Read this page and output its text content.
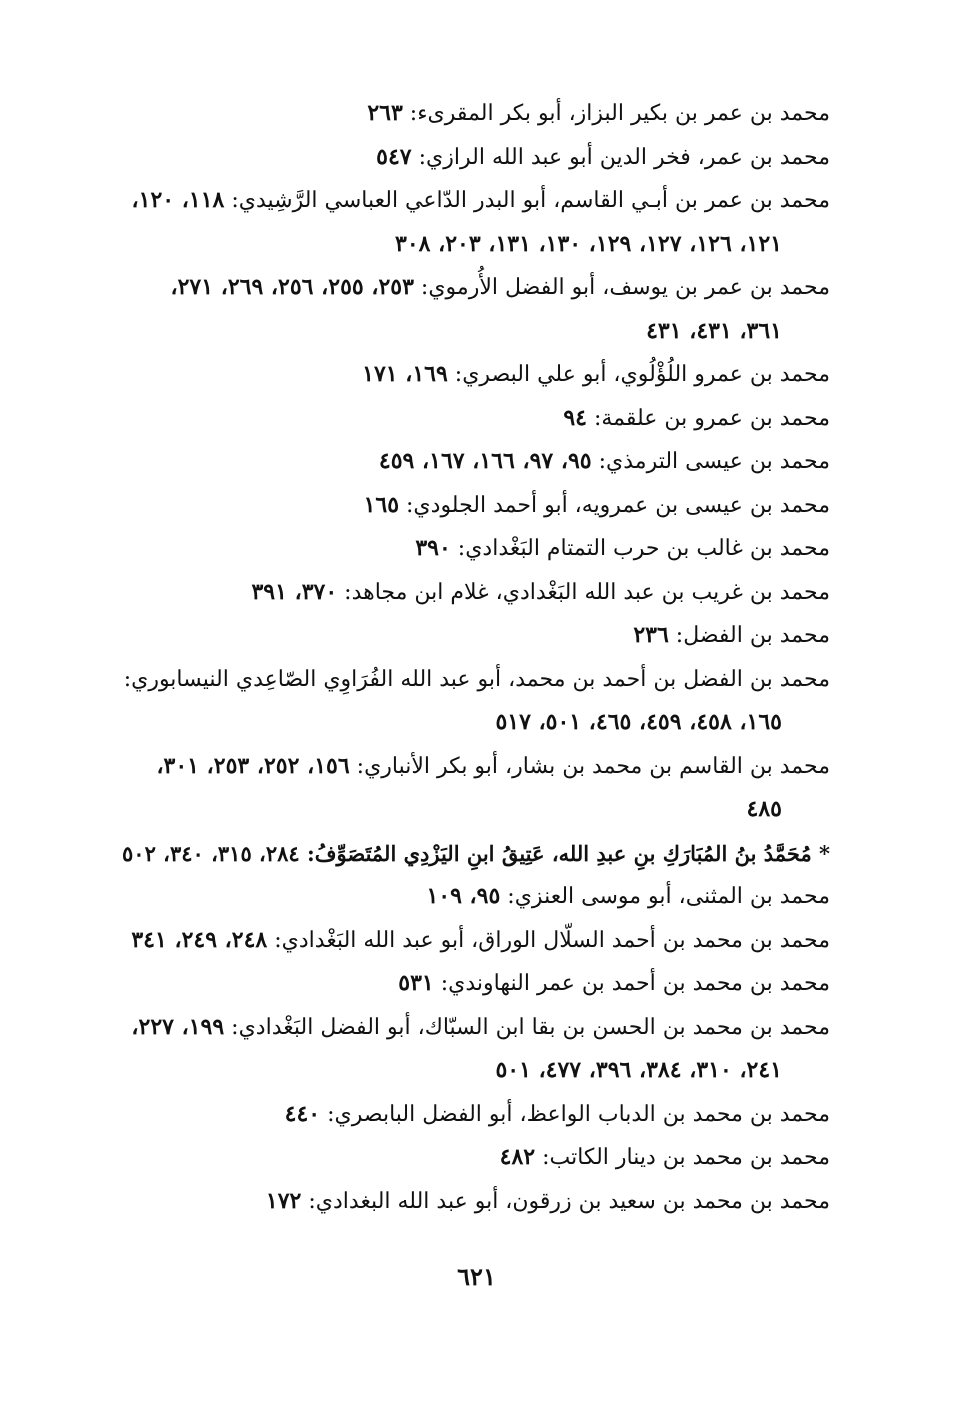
محمد بن عمر بن بكير البزاز، أبو بكر المقرىء: ٢٦٣
محمد بن عمر، فخر الدين أبو عبد الله الرازي: ٥٤٧
محمد بن عمر بن أبـي القاسم، أبو البدر الدّاعي العباسي الرَّشِيدي: ١١٨، ١٢٠،
١٢١، ١٢٦، ١٢٧، ١٢٩، ١٣٠، ١٣١، ٢٠٣، ٣٠٨
محمد بن عمر بن يوسف، أبو الفضل الأُرموي: ٢٥٣، ٢٥٥، ٢٥٦، ٢٦٩، ٢٧١،
٣٦١، ٤٣١، ٤٣١
محمد بن عمرو اللُؤْلُوي، أبو علي البصري: ١٦٩، ١٧١
محمد بن عمرو بن علقمة: ٩٤
محمد بن عيسى الترمذي: ٩٥، ٩٧، ١٦٦، ١٦٧، ٤٥٩
محمد بن عيسى بن عمرويه، أبو أحمد الجلودي: ١٦٥
محمد بن غالب بن حرب التمتام البَغْدادي: ٣٩٠
محمد بن غريب بن عبد الله البَغْدادي، غلام ابن مجاهد: ٣٧٠، ٣٩١
محمد بن الفضل: ٢٣٦
محمد بن الفضل بن أحمد بن محمد، أبو عبد الله الفُرَاوِي الصّاعِدي النيسابوري:
١٦٥، ٤٥٨، ٤٥٩، ٤٦٥، ٥٠١، ٥١٧
محمد بن القاسم بن محمد بن بشار، أبو بكر الأنباري: ١٥٦، ٢٥٢، ٢٥٣، ٣٠١،
٤٨٥
* مُحَمَّدُ بنُ المُبَارَكِ بنِ عبدِ الله، عَتِيقُ ابنِ اليَزْدِي المُتَصَوِّفُ: ٢٨٤، ٣١٥، ٣٤٠، ٥٠٢
محمد بن المثنى، أبو موسى العنزي: ٩٥، ١٠٩
محمد بن محمد بن أحمد السلّال الوراق، أبو عبد الله البَغْدادي: ٢٤٨، ٢٤٩، ٣٤١
محمد بن محمد بن أحمد بن عمر النهاوندي: ٥٣١
محمد بن محمد بن الحسن بن بقا ابن السبّاك، أبو الفضل البَغْدادي: ١٩٩، ٢٢٧،
٢٤١، ٣١٠، ٣٨٤، ٣٩٦، ٤٧٧، ٥٠١
محمد بن محمد بن الدباب الواعظ، أبو الفضل البابصري: ٤٤٠
محمد بن محمد بن دينار الكاتب: ٤٨٢
محمد بن محمد بن سعيد بن زرقون، أبو عبد الله البغدادي: ١٧٢
٦٢١
